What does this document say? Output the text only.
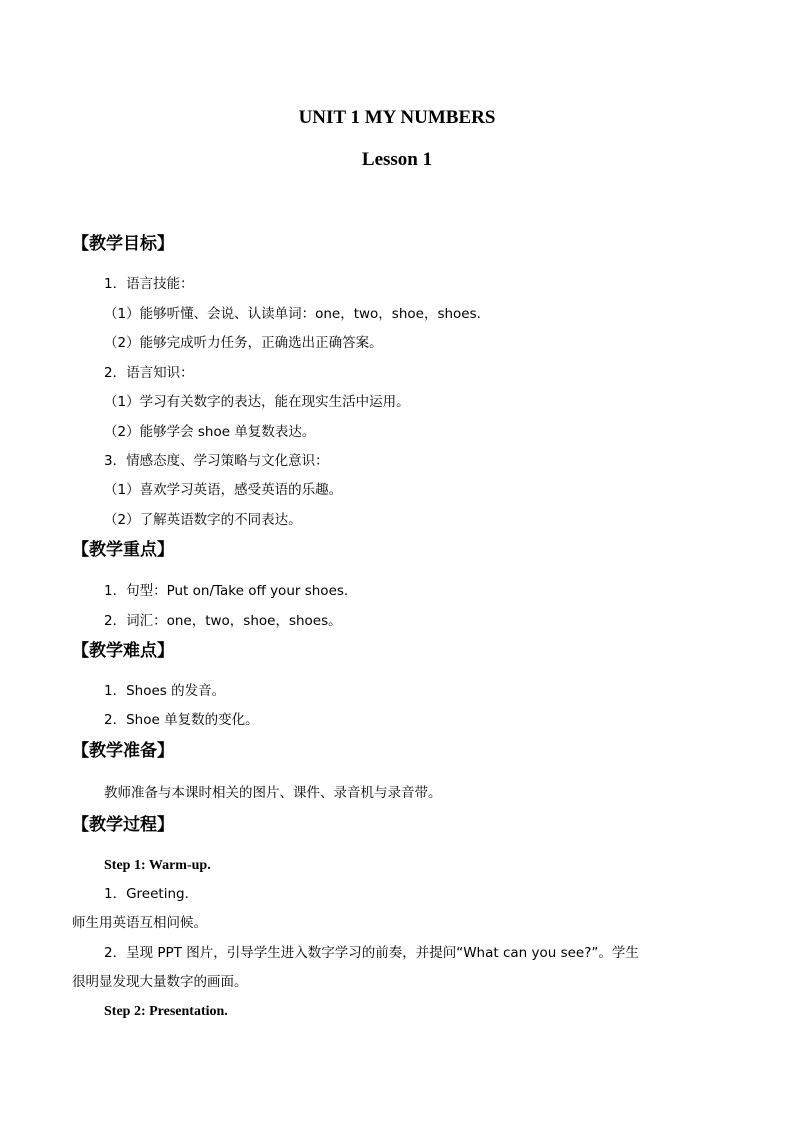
UNIT 1 MY NUMBERS
Lesson 1
【教学目标】

1．语言技能：

（1）能够听懂、会说、认读单词：one，two，shoe，shoes.

（2）能够完成听力任务，正确选出正确答案。

2．语言知识：

（1）学习有关数字的表达，能在现实生活中运用。

（2）能够学会 shoe 单复数表达。

3．情感态度、学习策略与文化意识：

（1）喜欢学习英语，感受英语的乐趣。

（2）了解英语数字的不同表达。

【教学重点】

1．句型：Put on/Take off your shoes.

2．词汇：one，two，shoe，shoes。

【教学难点】

1．Shoes 的发音。

2．Shoe 单复数的变化。

【教学准备】

教师准备与本课时相关的图片、课件、录音机与录音带。

【教学过程】

Step 1: Warm-up.

1．Greeting.

师生用英语互相问候。

2．呈现 PPT 图片，引导学生进入数字学习的前奏，并提问“What can you see?”。学生

很明显发现大量数字的画面。

Step 2: Presentation.
